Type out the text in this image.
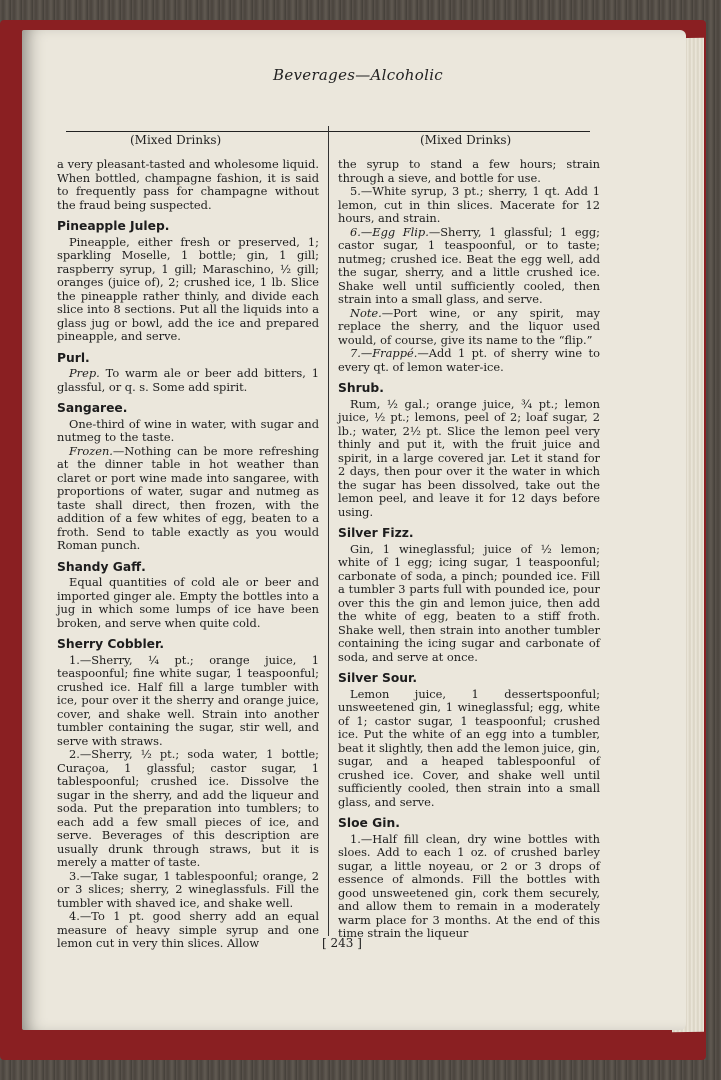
Beverages—Alcoholic
(Mixed Drinks)	(Mixed Drinks)

a very pleasant-tasted and wholesome liquid. When bottled, champagne fashion, it is said to frequently pass for champagne without the fraud being suspected.

Pineapple Julep.

Pineapple, either fresh or preserved, 1; sparkling Moselle, 1 bottle; gin, 1 gill; raspberry syrup, 1 gill; Maraschino, ½ gill; oranges (juice of), 2; crushed ice, 1 lb. Slice the pineapple rather thinly, and divide each slice into 8 sections. Put all the liquids into a glass jug or bowl, add the ice and prepared pineapple, and serve.

Purl.

Prep. To warm ale or beer add bitters, 1 glassful, or q. s. Some add spirit.

Sangaree.

One-third of wine in water, with sugar and nutmeg to the taste.

Frozen.—Nothing can be more refreshing at the dinner table in hot weather than claret or port wine made into sangaree, with proportions of water, sugar and nutmeg as taste shall direct, then frozen, with the addition of a few whites of egg, beaten to a froth. Send to table exactly as you would Roman punch.

Shandy Gaff.

Equal quantities of cold ale or beer and imported ginger ale. Empty the bottles into a jug in which some lumps of ice have been broken, and serve when quite cold.

Sherry Cobbler.

1.—Sherry, ¼ pt.; orange juice, 1 teaspoonful; fine white sugar, 1 teaspoonful; crushed ice. Half fill a large tumbler with ice, pour over it the sherry and orange juice, cover, and shake well. Strain into another tumbler containing the sugar, stir well, and serve with straws.

2.—Sherry, ½ pt.; soda water, 1 bottle; Curaçoa, 1 glassful; castor sugar, 1 tablespoonful; crushed ice. Dissolve the sugar in the sherry, and add the liqueur and soda. Put the preparation into tumblers; to each add a few small pieces of ice, and serve. Beverages of this description are usually drunk through straws, but it is merely a matter of taste.

3.—Take sugar, 1 tablespoonful; orange, 2 or 3 slices; sherry, 2 wineglassfuls. Fill the tumbler with shaved ice, and shake well.

4.—To 1 pt. good sherry add an equal measure of heavy simple syrup and one lemon cut in very thin slices. Allow

the syrup to stand a few hours; strain through a sieve, and bottle for use.

5.—White syrup, 3 pt.; sherry, 1 qt. Add 1 lemon, cut in thin slices. Macerate for 12 hours, and strain.

6.—Egg Flip.—Sherry, 1 glassful; 1 egg; castor sugar, 1 teaspoonful, or to taste; nutmeg; crushed ice. Beat the egg well, add the sugar, sherry, and a little crushed ice. Shake well until sufficiently cooled, then strain into a small glass, and serve.

Note.—Port wine, or any spirit, may replace the sherry, and the liquor used would, of course, give its name to the “flip.”

7.—Frappé.—Add 1 pt. of sherry wine to every qt. of lemon water-ice.

Shrub.

Rum, ½ gal.; orange juice, ¾ pt.; lemon juice, ½ pt.; lemons, peel of 2; loaf sugar, 2 lb.; water, 2½ pt. Slice the lemon peel very thinly and put it, with the fruit juice and spirit, in a large covered jar. Let it stand for 2 days, then pour over it the water in which the sugar has been dissolved, take out the lemon peel, and leave it for 12 days before using.

Silver Fizz.

Gin, 1 wineglassful; juice of ½ lemon; white of 1 egg; icing sugar, 1 teaspoonful; carbonate of soda, a pinch; pounded ice. Fill a tumbler 3 parts full with pounded ice, pour over this the gin and lemon juice, then add the white of egg, beaten to a stiff froth. Shake well, then strain into another tumbler containing the icing sugar and carbonate of soda, and serve at once.

Silver Sour.

Lemon juice, 1 dessertspoonful; unsweetened gin, 1 wineglassful; egg, white of 1; castor sugar, 1 teaspoonful; crushed ice. Put the white of an egg into a tumbler, beat it slightly, then add the lemon juice, gin, sugar, and a heaped tablespoonful of crushed ice. Cover, and shake well until sufficiently cooled, then strain into a small glass, and serve.

Sloe Gin.

1.—Half fill clean, dry wine bottles with sloes. Add to each 1 oz. of crushed barley sugar, a little noyeau, or 2 or 3 drops of essence of almonds. Fill the bottles with good unsweetened gin, cork them securely, and allow them to remain in a moderately warm place for 3 months. At the end of this time strain the liqueur

[ 243 ]
